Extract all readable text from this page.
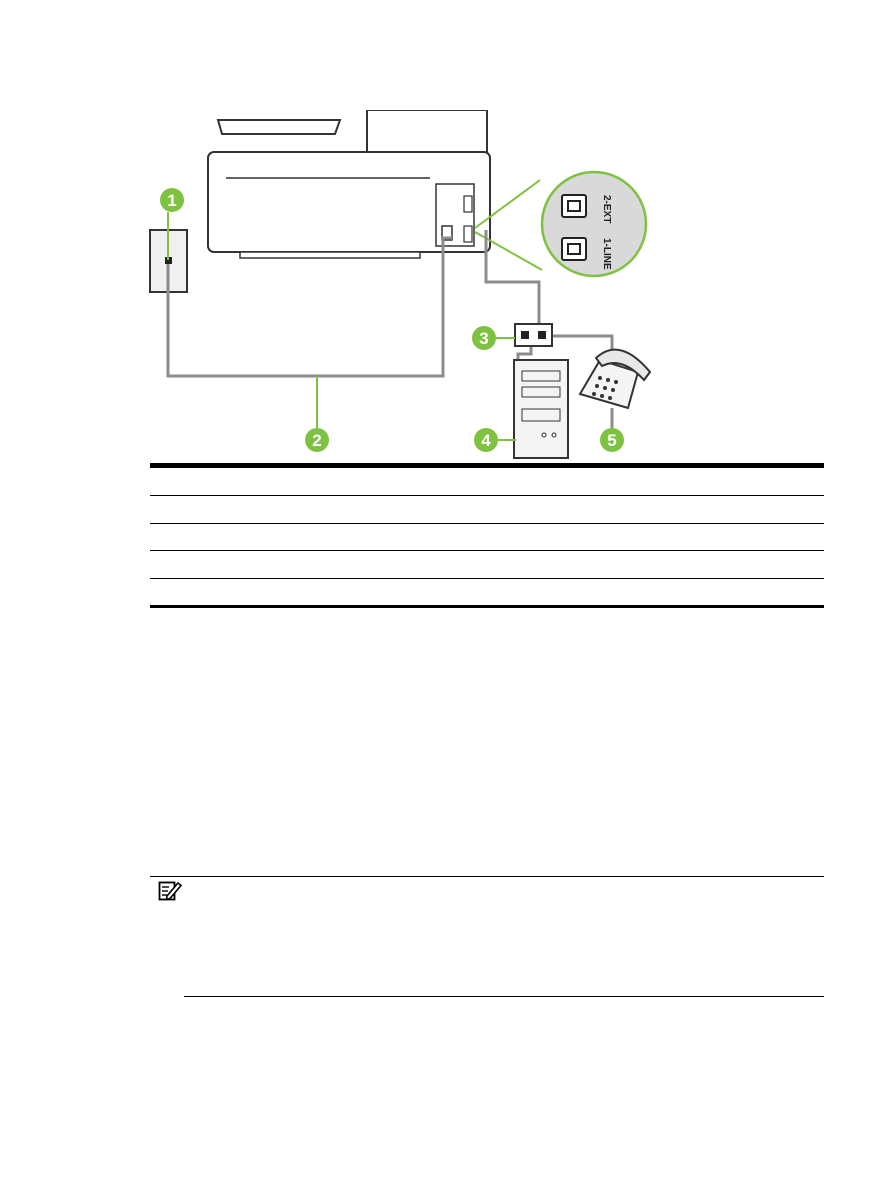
2-EXT
1-LINE
1
2
3
4	5
